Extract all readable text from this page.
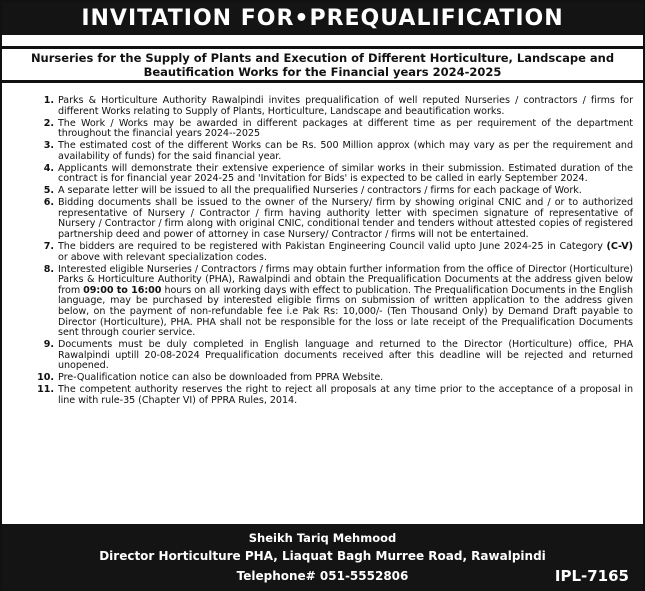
INVITATION FOR•PREQUALIFICATION
Nurseries for the Supply of Plants and Execution of Different Horticulture, Landscape and Beautification Works for the Financial years 2024-2025
1. Parks & Horticulture Authority Rawalpindi invites prequalification of well reputed Nurseries / contractors / firms for different Works relating to Supply of Plants, Horticulture, Landscape and beautification works.
2. The Work / Works may be awarded in different packages at different time as per requirement of the department throughout the financial years 2024--2025
3. The estimated cost of the different Works can be Rs. 500 Million approx (which may vary as per the requirement and availability of funds) for the said financial year.
4. Applicants will demonstrate their extensive experience of similar works in their submission. Estimated duration of the contract is for financial year 2024-25 and 'Invitation for Bids' is expected to be called in early September 2024.
5. A separate letter will be issued to all the prequalified Nurseries / contractors / firms for each package of Work.
6. Bidding documents shall be issued to the owner of the Nursery/ firm by showing original CNIC and / or to authorized representative of Nursery / Contractor / firm having authority letter with specimen signature of representative of Nursery / Contractor / firm along with original CNIC, conditional tender and tenders without attested copies of registered partnership deed and power of attorney in case Nursery/ Contractor / firms will not be entertained.
7. The bidders are required to be registered with Pakistan Engineering Council valid upto June 2024-25 in Category (C-V) or above with relevant specialization codes.
8. Interested eligible Nurseries / Contractors / firms may obtain further information from the office of Director (Horticulture) Parks & Horticulture Authority (PHA), Rawalpindi and obtain the Prequalification Documents at the address given below from 09:00 to 16:00 hours on all working days with effect to publication. The Prequalification Documents in the English language, may be purchased by interested eligible firms on submission of written application to the address given below, on the payment of non-refundable fee i.e Pak Rs: 10,000/- (Ten Thousand Only) by Demand Draft payable to Director (Horticulture), PHA. PHA shall not be responsible for the loss or late receipt of the Prequalification Documents sent through courier service.
9. Documents must be duly completed in English language and returned to the Director (Horticulture) office, PHA Rawalpindi uptill 20-08-2024 Prequalification documents received after this deadline will be rejected and returned unopened.
10. Pre-Qualification notice can also be downloaded from PPRA Website.
11. The competent authority reserves the right to reject all proposals at any time prior to the acceptance of a proposal in line with rule-35 (Chapter VI) of PPRA Rules, 2014.
Sheikh Tariq Mehmood
Director Horticulture PHA, Liaquat Bagh Murree Road, Rawalpindi
Telephone# 051-5552806	IPL-7165
